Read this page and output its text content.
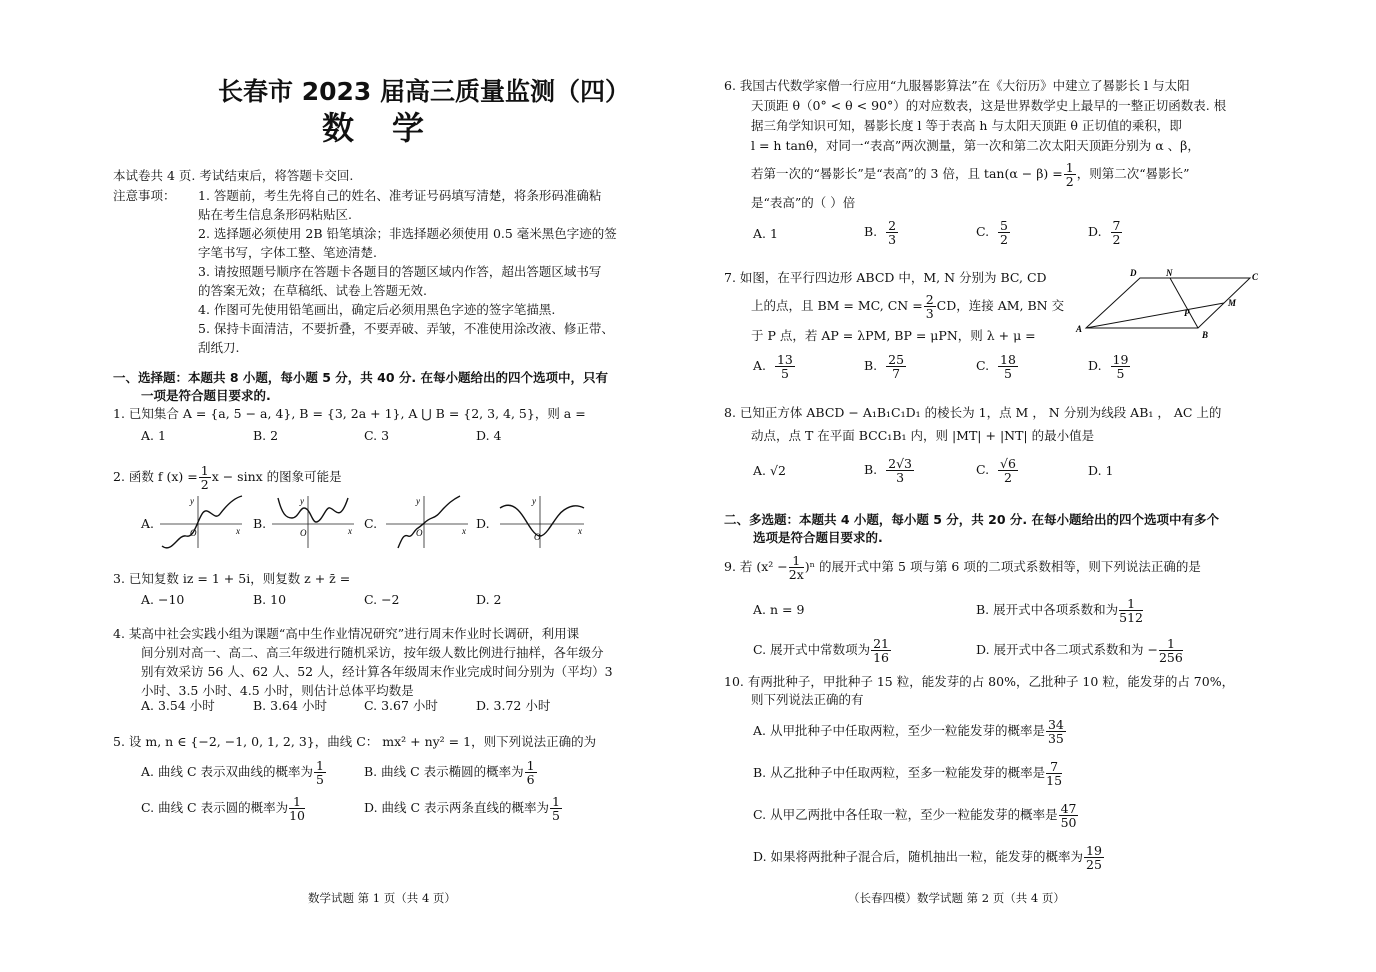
长春市 2023 届高三质量监测（四）
数学
本试卷共 4 页. 考试结束后，将答题卡交回.
注意事项： 1. 答题前，考生先将自己的姓名、准考证号码填写清楚，将条形码准确粘
贴在考生信息条形码粘贴区.
2. 选择题必须使用 2B 铅笔填涂；非选择题必须使用 0.5 毫米黑色字迹的签
字笔书写，字体工整、笔迹清楚.
3. 请按照题号顺序在答题卡各题目的答题区域内作答，超出答题区域书写
的答案无效；在草稿纸、试卷上答题无效.
4. 作图可先使用铅笔画出，确定后必须用黑色字迹的签字笔描黑.
5. 保持卡面清洁，不要折叠，不要弄破、弄皱，不准使用涂改液、修正带、
刮纸刀.
一、选择题：本题共 8 小题，每小题 5 分，共 40 分. 在每小题给出的四个选项中，只有
一项是符合题目要求的.
1. 已知集合 A = {a, 5 − a, 4}, B = {3, 2a + 1}, A ⋃ B = {2, 3, 4, 5}，则 a =
A. 1	B. 2	C. 3	D. 4
2. 函数 f $(x) = \frac{1}{2}$ x − sinx 的图象可能是
A.
y
x
O
B.
y
x
O
C.
y
x
O
D.
y
x
O
3. 已知复数 iz = 1 + 5i，则复数 z + z̄ =
A. −10	B. 10	C. −2	D. 2
4. 某高中社会实践小组为课题“高中生作业情况研究”进行周末作业时长调研，利用课
间分别对高一、高二、高三年级进行随机采访，按年级人数比例进行抽样，各年级分
别有效采访 56 人、62 人、52 人，经计算各年级周末作业完成时间分别为（平均）3
小时、3.5 小时、4.5 小时，则估计总体平均数是
A. 3.54 小时	B. 3.64 小时	C. 3.67 小时	D. 3.72 小时
5. 设 m, n ∈ {−2, −1, 0, 1, 2, 3}，曲线 C： mx² + ny² = 1，则下列说法正确的为
A. 曲线 C 表示双曲线的概率为 $\frac{1}{5}$	B. 曲线 C 表示椭圆的概率为 $\frac{1}{6}$
C. 曲线 C 表示圆的概率为 $\frac{1}{10}$	D. 曲线 C 表示两条直线的概率为 $\frac{1}{5}$
数学试题 第 1 页（共 4 页）
6. 我国古代数学家僧一行应用“九服晷影算法”在《大衍历》中建立了晷影长 l 与太阳
天顶距 θ（0° < θ < 90°）的对应数表，这是世界数学史上最早的一整正切函数表. 根
据三角学知识可知，晷影长度 l 等于表高 h 与太阳天顶距 θ 正切值的乘积，即
l = h tanθ，对同一“表高”两次测量，第一次和第二次太阳天顶距分别为 α 、β，
若第一次的“晷影长”是“表高”的 3 倍，且 $\tan(\alpha - \beta) = \frac{1}{2}$ ，则第二次“晷影长”
是“表高”的（ ）倍
A. 1	B. $\frac{2}{3}$	C. $\frac{5}{2}$	D. $\frac{7}{2}$
7. 如图，在平行四边形 ABCD 中，M, N 分别为 BC, CD
上的点，且 BM = MC, CN = $\frac{2}{3}$ CD，连接 AM, BN 交
于 P 点，若 AP = λPM, BP = μPN，则 λ + μ =	A
B
C
D	N
M
P
A. $\frac{13}{5}$	B. $\frac{25}{7}$	C. $\frac{18}{5}$	D. $\frac{19}{5}$
8. 已知正方体 ABCD − A₁B₁C₁D₁ 的棱长为 1，点 M ， N 分别为线段 AB₁ ， AC 上的
动点，点 T 在平面 BCC₁B₁ 内，则 |MT| + |NT| 的最小值是
A. √2	B. $\frac{2√3}{3}$	C. $\frac{√6}{2}$	D. 1
二、多选题：本题共 4 小题，每小题 5 分，共 20 分. 在每小题给出的四个选项中有多个
选项是符合题目要求的.
9. 若 $(x^2 - \frac{1}{2x} )^n$ 的展开式中第 5 项与第 6 项的二项式系数相等，则下列说法正确的是
A. n = 9	B. 展开式中各项系数和为 $\frac{1}{512}$
C. 展开式中常数项为 $\frac{21}{16}$	D. 展开式中各二项式系数和为 − $\frac{1}{256}$
10. 有两批种子，甲批种子 15 粒，能发芽的占 80%，乙批种子 10 粒，能发芽的占 70%，
则下列说法正确的有
A. 从甲批种子中任取两粒，至少一粒能发芽的概率是 $\frac{34}{35}$
B. 从乙批种子中任取两粒，至多一粒能发芽的概率是 $\frac{7}{15}$
C. 从甲乙两批中各任取一粒，至少一粒能发芽的概率是 $\frac{47}{50}$
D. 如果将两批种子混合后，随机抽出一粒，能发芽的概率为 $\frac{19}{25}$
（长春四模）数学试题 第 2 页（共 4 页）
